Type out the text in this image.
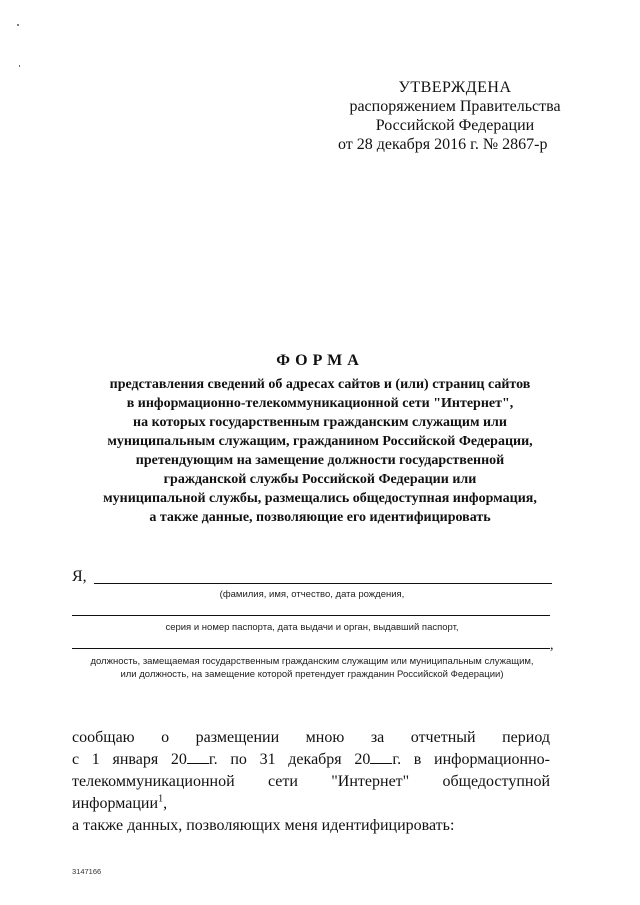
УТВЕРЖДЕНА
распоряжением Правительства
Российской Федерации
от 28 декабря 2016 г. № 2867-р
ФОРМА
представления сведений об адресах сайтов и (или) страниц сайтов
в информационно-телекоммуникационной сети "Интернет",
на которых государственным гражданским служащим или
муниципальным служащим, гражданином Российской Федерации,
претендующим на замещение должности государственной
гражданской службы Российской Федерации или
муниципальной службы, размещались общедоступная информация,
а также данные, позволяющие его идентифицировать
Я,
(фамилия, имя, отчество, дата рождения,
серия и номер паспорта, дата выдачи и орган, выдавший паспорт,
,
должность, замещаемая государственным гражданским служащим или муниципальным служащим,
или должность, на замещение которой претендует гражданин Российской Федерации)
сообщаю о размещении мною за отчетный период
с 1 января 20 г. по 31 декабря 20 г. в информационно-
телекоммуникационной сети "Интернет" общедоступной информации$^1$,
а также данных, позволяющих меня идентифицировать:
3147166
